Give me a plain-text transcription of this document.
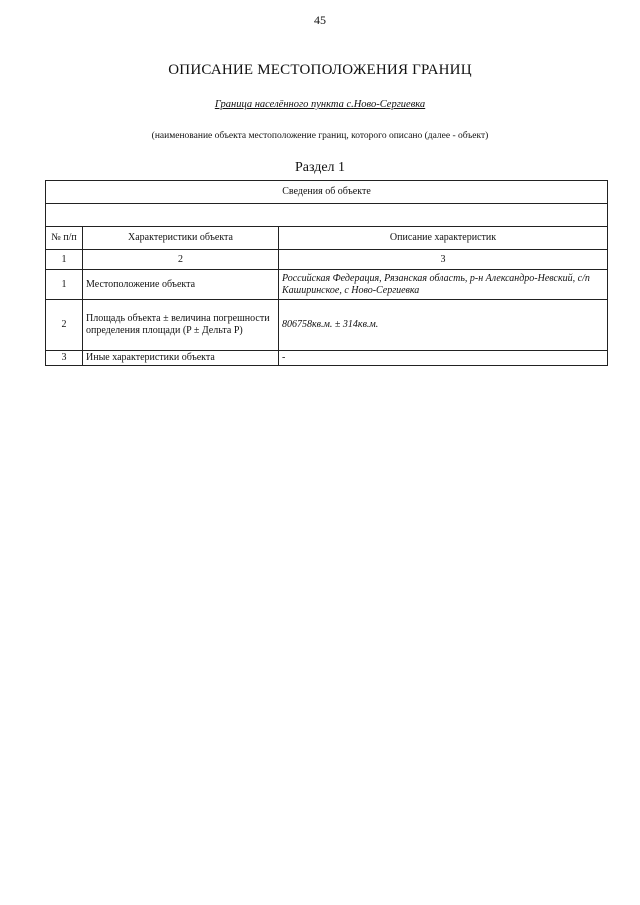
45
ОПИСАНИЕ МЕСТОПОЛОЖЕНИЯ ГРАНИЦ
Граница населённого пункта с.Ново-Сергиевка
(наименование объекта местоположение границ, которого описано (далее - объект)
Раздел 1
Сведения об объекте		

№ п/п	Характеристики объекта	Описание характеристик
1	2	3
1	Местоположение объекта	Российская Федерация, Рязанская область, р-н Александро-Невский, с/п Каширинское, с Ново-Сергиевка
2	Площадь объекта ± величина погрешности определения площади (P ± Дельта P)	806758кв.м. ± 314кв.м.
3	Иные характеристики объекта	-
